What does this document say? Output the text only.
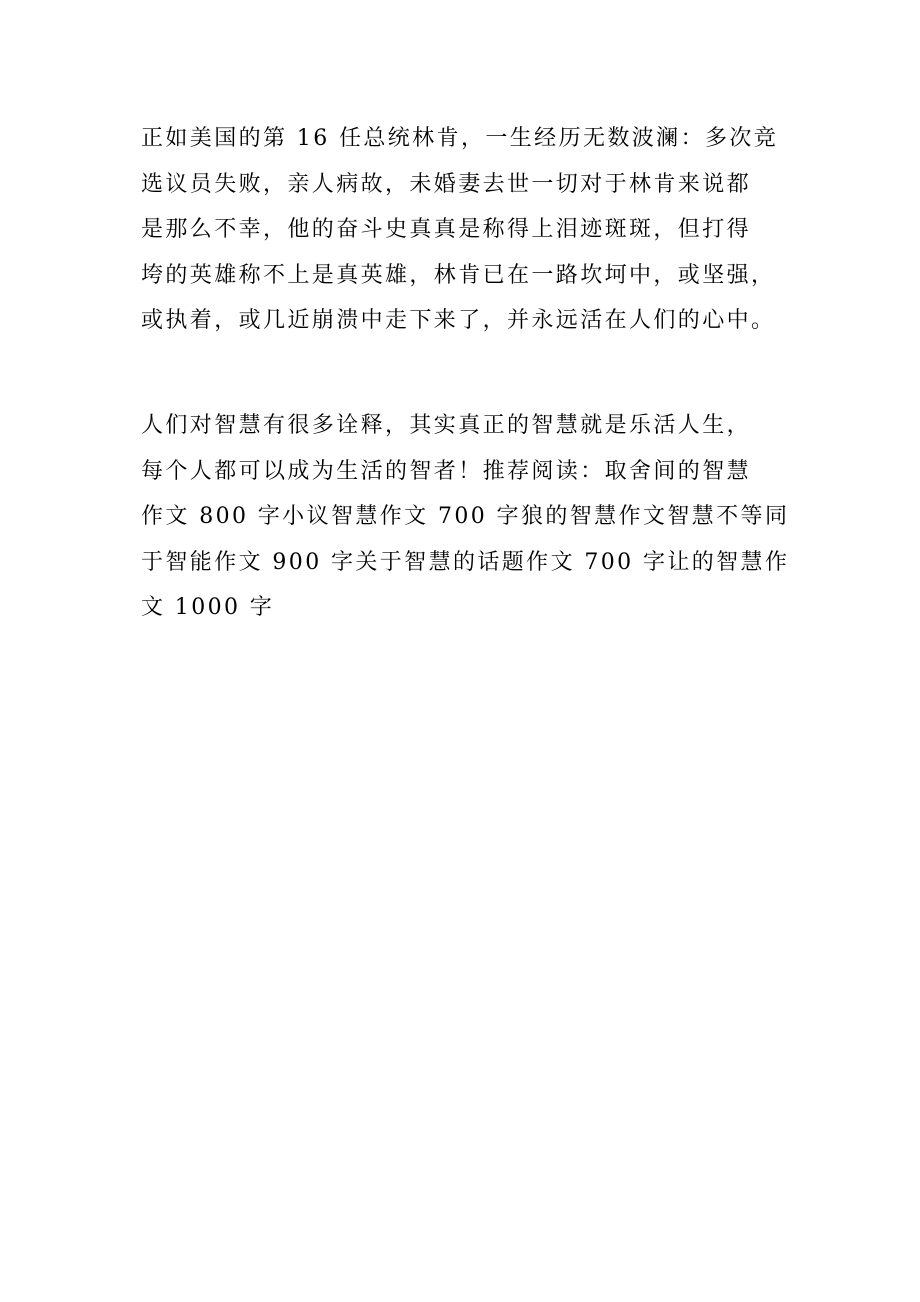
正如美国的第 16 任总统林肯，一生经历无数波澜：多次竞
选议员失败，亲人病故，未婚妻去世一切对于林肯来说都
是那么不幸，他的奋斗史真真是称得上泪迹斑斑，但打得
垮的英雄称不上是真英雄，林肯已在一路坎坷中，或坚强，
或执着，或几近崩溃中走下来了，并永远活在人们的心中。
人们对智慧有很多诠释，其实真正的智慧就是乐活人生，
每个人都可以成为生活的智者！推荐阅读：取舍间的智慧
作文 800 字小议智慧作文 700 字狼的智慧作文智慧不等同
于智能作文 900 字关于智慧的话题作文 700 字让的智慧作
文 1000 字
